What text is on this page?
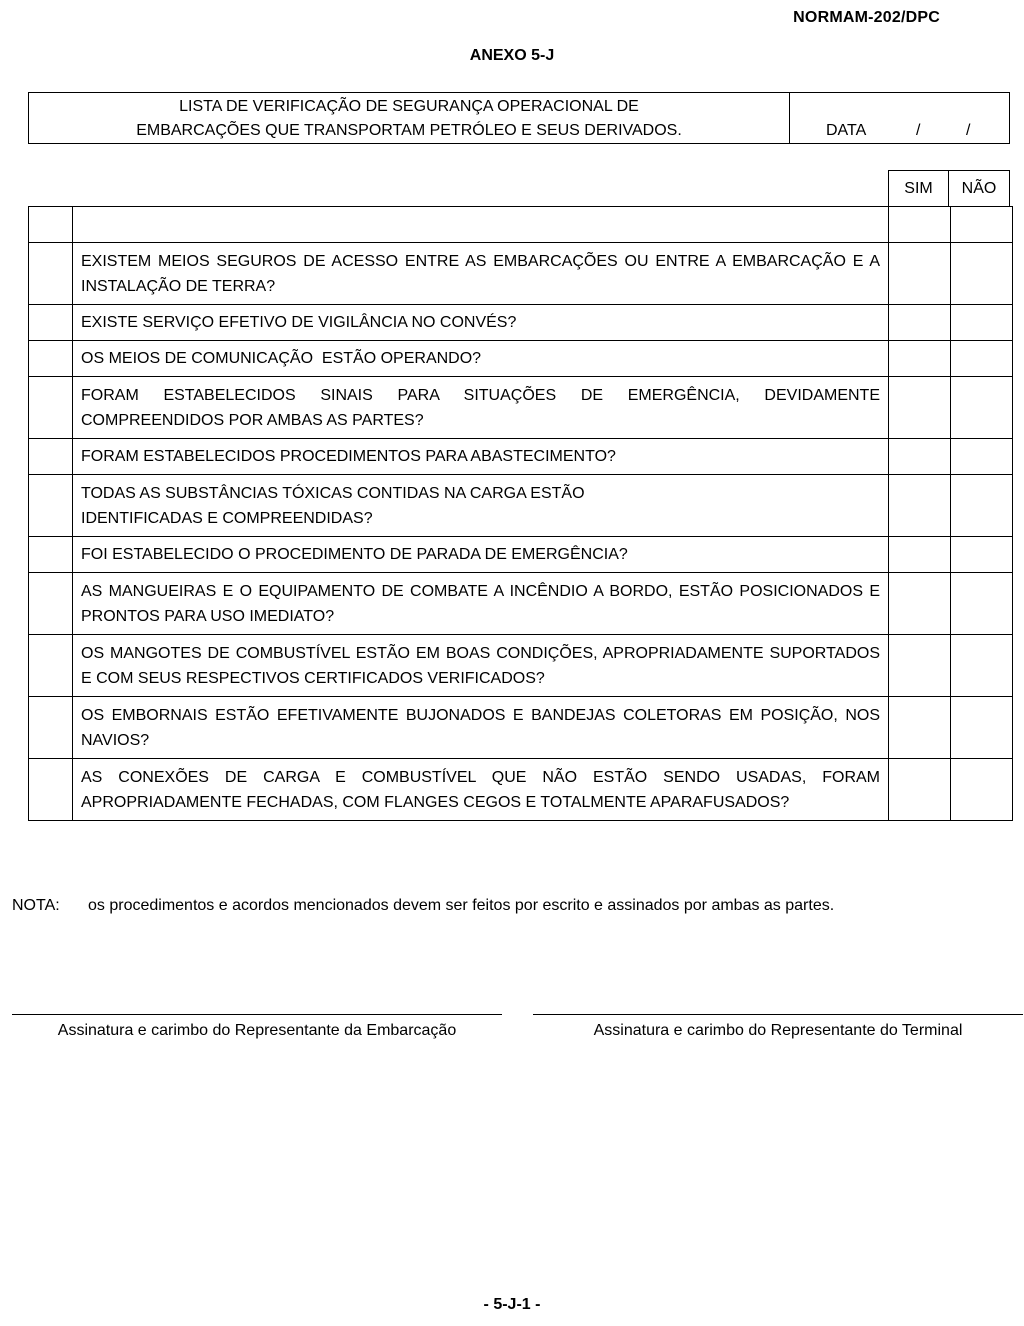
NORMAM-202/DPC
ANEXO 5-J
LISTA DE VERIFICAÇÃO DE SEGURANÇA OPERACIONAL DE
EMBARCAÇÕES QUE TRANSPORTAM PETRÓLEO E SEUS DERIVADOS.	DATA	/	/
SIM	NÃO

	EXISTEM MEIOS SEGUROS DE ACESSO ENTRE AS EMBARCAÇÕES OU ENTRE A EMBARCAÇÃO E A INSTALAÇÃO DE TERRA?		
	EXISTE SERVIÇO EFETIVO DE VIGILÂNCIA NO CONVÉS?		
	OS MEIOS DE COMUNICAÇÃO  ESTÃO OPERANDO?		
	FORAM ESTABELECIDOS SINAIS PARA SITUAÇÕES DE EMERGÊNCIA, DEVIDAMENTE COMPREENDIDOS POR AMBAS AS PARTES?		
	FORAM ESTABELECIDOS PROCEDIMENTOS PARA ABASTECIMENTO?		
	TODAS AS SUBSTÂNCIAS TÓXICAS CONTIDAS NA CARGA ESTÃO IDENTIFICADAS E COMPREENDIDAS?		
	FOI ESTABELECIDO O PROCEDIMENTO DE PARADA DE EMERGÊNCIA?		
	AS MANGUEIRAS E O EQUIPAMENTO DE COMBATE A INCÊNDIO A BORDO, ESTÃO POSICIONADOS E PRONTOS PARA USO IMEDIATO?		
	OS MANGOTES DE COMBUSTÍVEL ESTÃO EM BOAS CONDIÇÕES, APROPRIADAMENTE SUPORTADOS E COM SEUS RESPECTIVOS CERTIFICADOS VERIFICADOS?		
	OS EMBORNAIS ESTÃO EFETIVAMENTE BUJONADOS E BANDEJAS COLETORAS EM POSIÇÃO, NOS NAVIOS?		
	AS CONEXÕES DE CARGA E COMBUSTÍVEL QUE NÃO ESTÃO SENDO USADAS, FORAM APROPRIADAMENTE FECHADAS, COM FLANGES CEGOS E TOTALMENTE APARAFUSADOS?		
NOTA: os procedimentos e acordos mencionados devem ser feitos por escrito e assinados por ambas as partes.
Assinatura e carimbo do Representante da Embarcação	Assinatura e carimbo do Representante do Terminal
- 5-J-1 -
